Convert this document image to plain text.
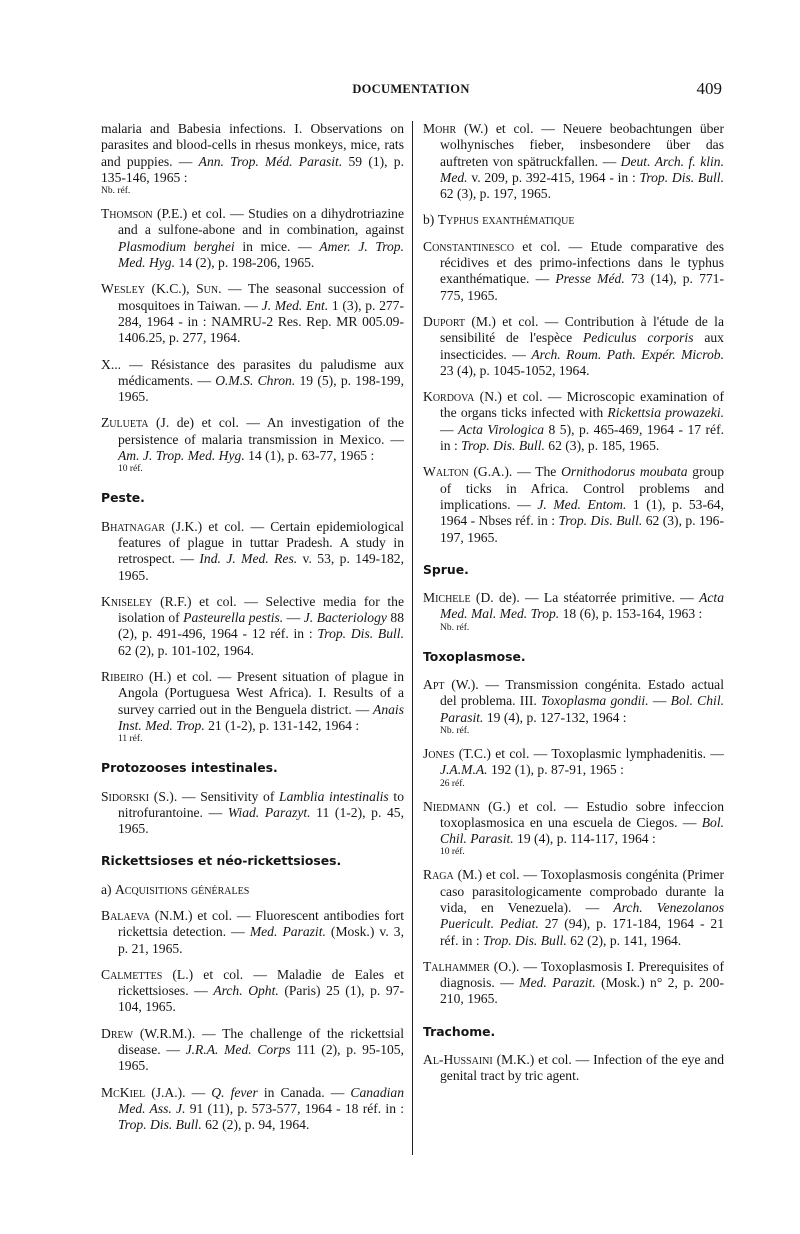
DOCUMENTATION	409
malaria and Babesia infections. I. Observations on parasites and blood-cells in rhesus monkeys, mice, rats and puppies. — Ann. Trop. Méd. Parasit. 59 (1), p. 135-146, 1965 :
Nb. réf.
Thomson (P.E.) et col. — Studies on a dihydrotriazine and a sulfone-abone and in combination, against Plasmodium berghei in mice. — Amer. J. Trop. Med. Hyg. 14 (2), p. 198-206, 1965.
Wesley (K.C.), Sun. — The seasonal succession of mosquitoes in Taiwan. — J. Med. Ent. 1 (3), p. 277-284, 1964 - in : NAMRU-2 Res. Rep. MR 005.09-1406.25, p. 277, 1964.
X... — Résistance des parasites du paludisme aux médicaments. — O.M.S. Chron. 19 (5), p. 198-199, 1965.
Zulueta (J. de) et col. — An investigation of the persistence of malaria transmission in Mexico. — Am. J. Trop. Med. Hyg. 14 (1), p. 63-77, 1965 :
10 réf.
Peste.
Bhatnagar (J.K.) et col. — Certain epidemiological features of plague in tuttar Pradesh. A study in retrospect. — Ind. J. Med. Res. v. 53, p. 149-182, 1965.
Kniseley (R.F.) et col. — Selective media for the isolation of Pasteurella pestis. — J. Bacteriology 88 (2), p. 491-496, 1964 - 12 réf. in : Trop. Dis. Bull. 62 (2), p. 101-102, 1964.
Ribeiro (H.) et col. — Present situation of plague in Angola (Portuguesa West Africa). I. Results of a survey carried out in the Benguela district. — Anais Inst. Med. Trop. 21 (1-2), p. 131-142, 1964 :
11 réf.
Protozooses intestinales.
Sidorski (S.). — Sensitivity of Lamblia intestinalis to nitrofurantoine. — Wiad. Parazyt. 11 (1-2), p. 45, 1965.
Rickettsioses et néo-rickettsioses.
a) Acquisitions générales
Balaeva (N.M.) et col. — Fluorescent antibodies fort rickettsia detection. — Med. Parazit. (Mosk.) v. 3, p. 21, 1965.
Calmettes (L.) et col. — Maladie de Eales et rickettsioses. — Arch. Opht. (Paris) 25 (1), p. 97-104, 1965.
Drew (W.R.M.). — The challenge of the rickettsial disease. — J.R.A. Med. Corps 111 (2), p. 95-105, 1965.
McKiel (J.A.). — Q. fever in Canada. — Canadian Med. Ass. J. 91 (11), p. 573-577, 1964 - 18 réf. in : Trop. Dis. Bull. 62 (2), p. 94, 1964.
Mohr (W.) et col. — Neuere beobachtungen über wolhynisches fieber, insbesondere über das auftreten von spätruckfallen. — Deut. Arch. f. klin. Med. v. 209, p. 392-415, 1964 - in : Trop. Dis. Bull. 62 (3), p. 197, 1965.
b) Typhus exanthématique
Constantinesco et col. — Etude comparative des récidives et des primo-infections dans le typhus exanthématique. — Presse Méd. 73 (14), p. 771-775, 1965.
Duport (M.) et col. — Contribution à l'étude de la sensibilité de l'espèce Pediculus corporis aux insecticides. — Arch. Roum. Path. Expér. Microb. 23 (4), p. 1045-1052, 1964.
Kordova (N.) et col. — Microscopic examination of the organs ticks infected with Rickettsia prowazeki. — Acta Virologica 8 5), p. 465-469, 1964 - 17 réf. in : Trop. Dis. Bull. 62 (3), p. 185, 1965.
Walton (G.A.). — The Ornithodorus moubata group of ticks in Africa. Control problems and implications. — J. Med. Entom. 1 (1), p. 53-64, 1964 - Nbses réf. in : Trop. Dis. Bull. 62 (3), p. 196-197, 1965.
Sprue.
Michele (D. de). — La stéatorrée primitive. — Acta Med. Mal. Med. Trop. 18 (6), p. 153-164, 1963 :
Nb. réf.
Toxoplasmose.
Apt (W.). — Transmission congénita. Estado actual del problema. III. Toxoplasma gondii. — Bol. Chil. Parasit. 19 (4), p. 127-132, 1964 :
Nb. réf.
Jones (T.C.) et col. — Toxoplasmic lymphadenitis. — J.A.M.A. 192 (1), p. 87-91, 1965 :
26 réf.
Niedmann (G.) et col. — Estudio sobre infeccion toxoplasmosica en una escuela de Ciegos. — Bol. Chil. Parasit. 19 (4), p. 114-117, 1964 :
10 réf.
Raga (M.) et col. — Toxoplasmosis congénita (Primer caso parasitologicamente comprobado durante la vida, en Venezuela). — Arch. Venezolanos Puericult. Pediat. 27 (94), p. 171-184, 1964 - 21 réf. in : Trop. Dis. Bull. 62 (2), p. 141, 1964.
Talhammer (O.). — Toxoplasmosis I. Prerequisites of diagnosis. — Med. Parazit. (Mosk.) n° 2, p. 200-210, 1965.
Trachome.
Al-Hussaini (M.K.) et col. — Infection of the eye and genital tract by tric agent.
